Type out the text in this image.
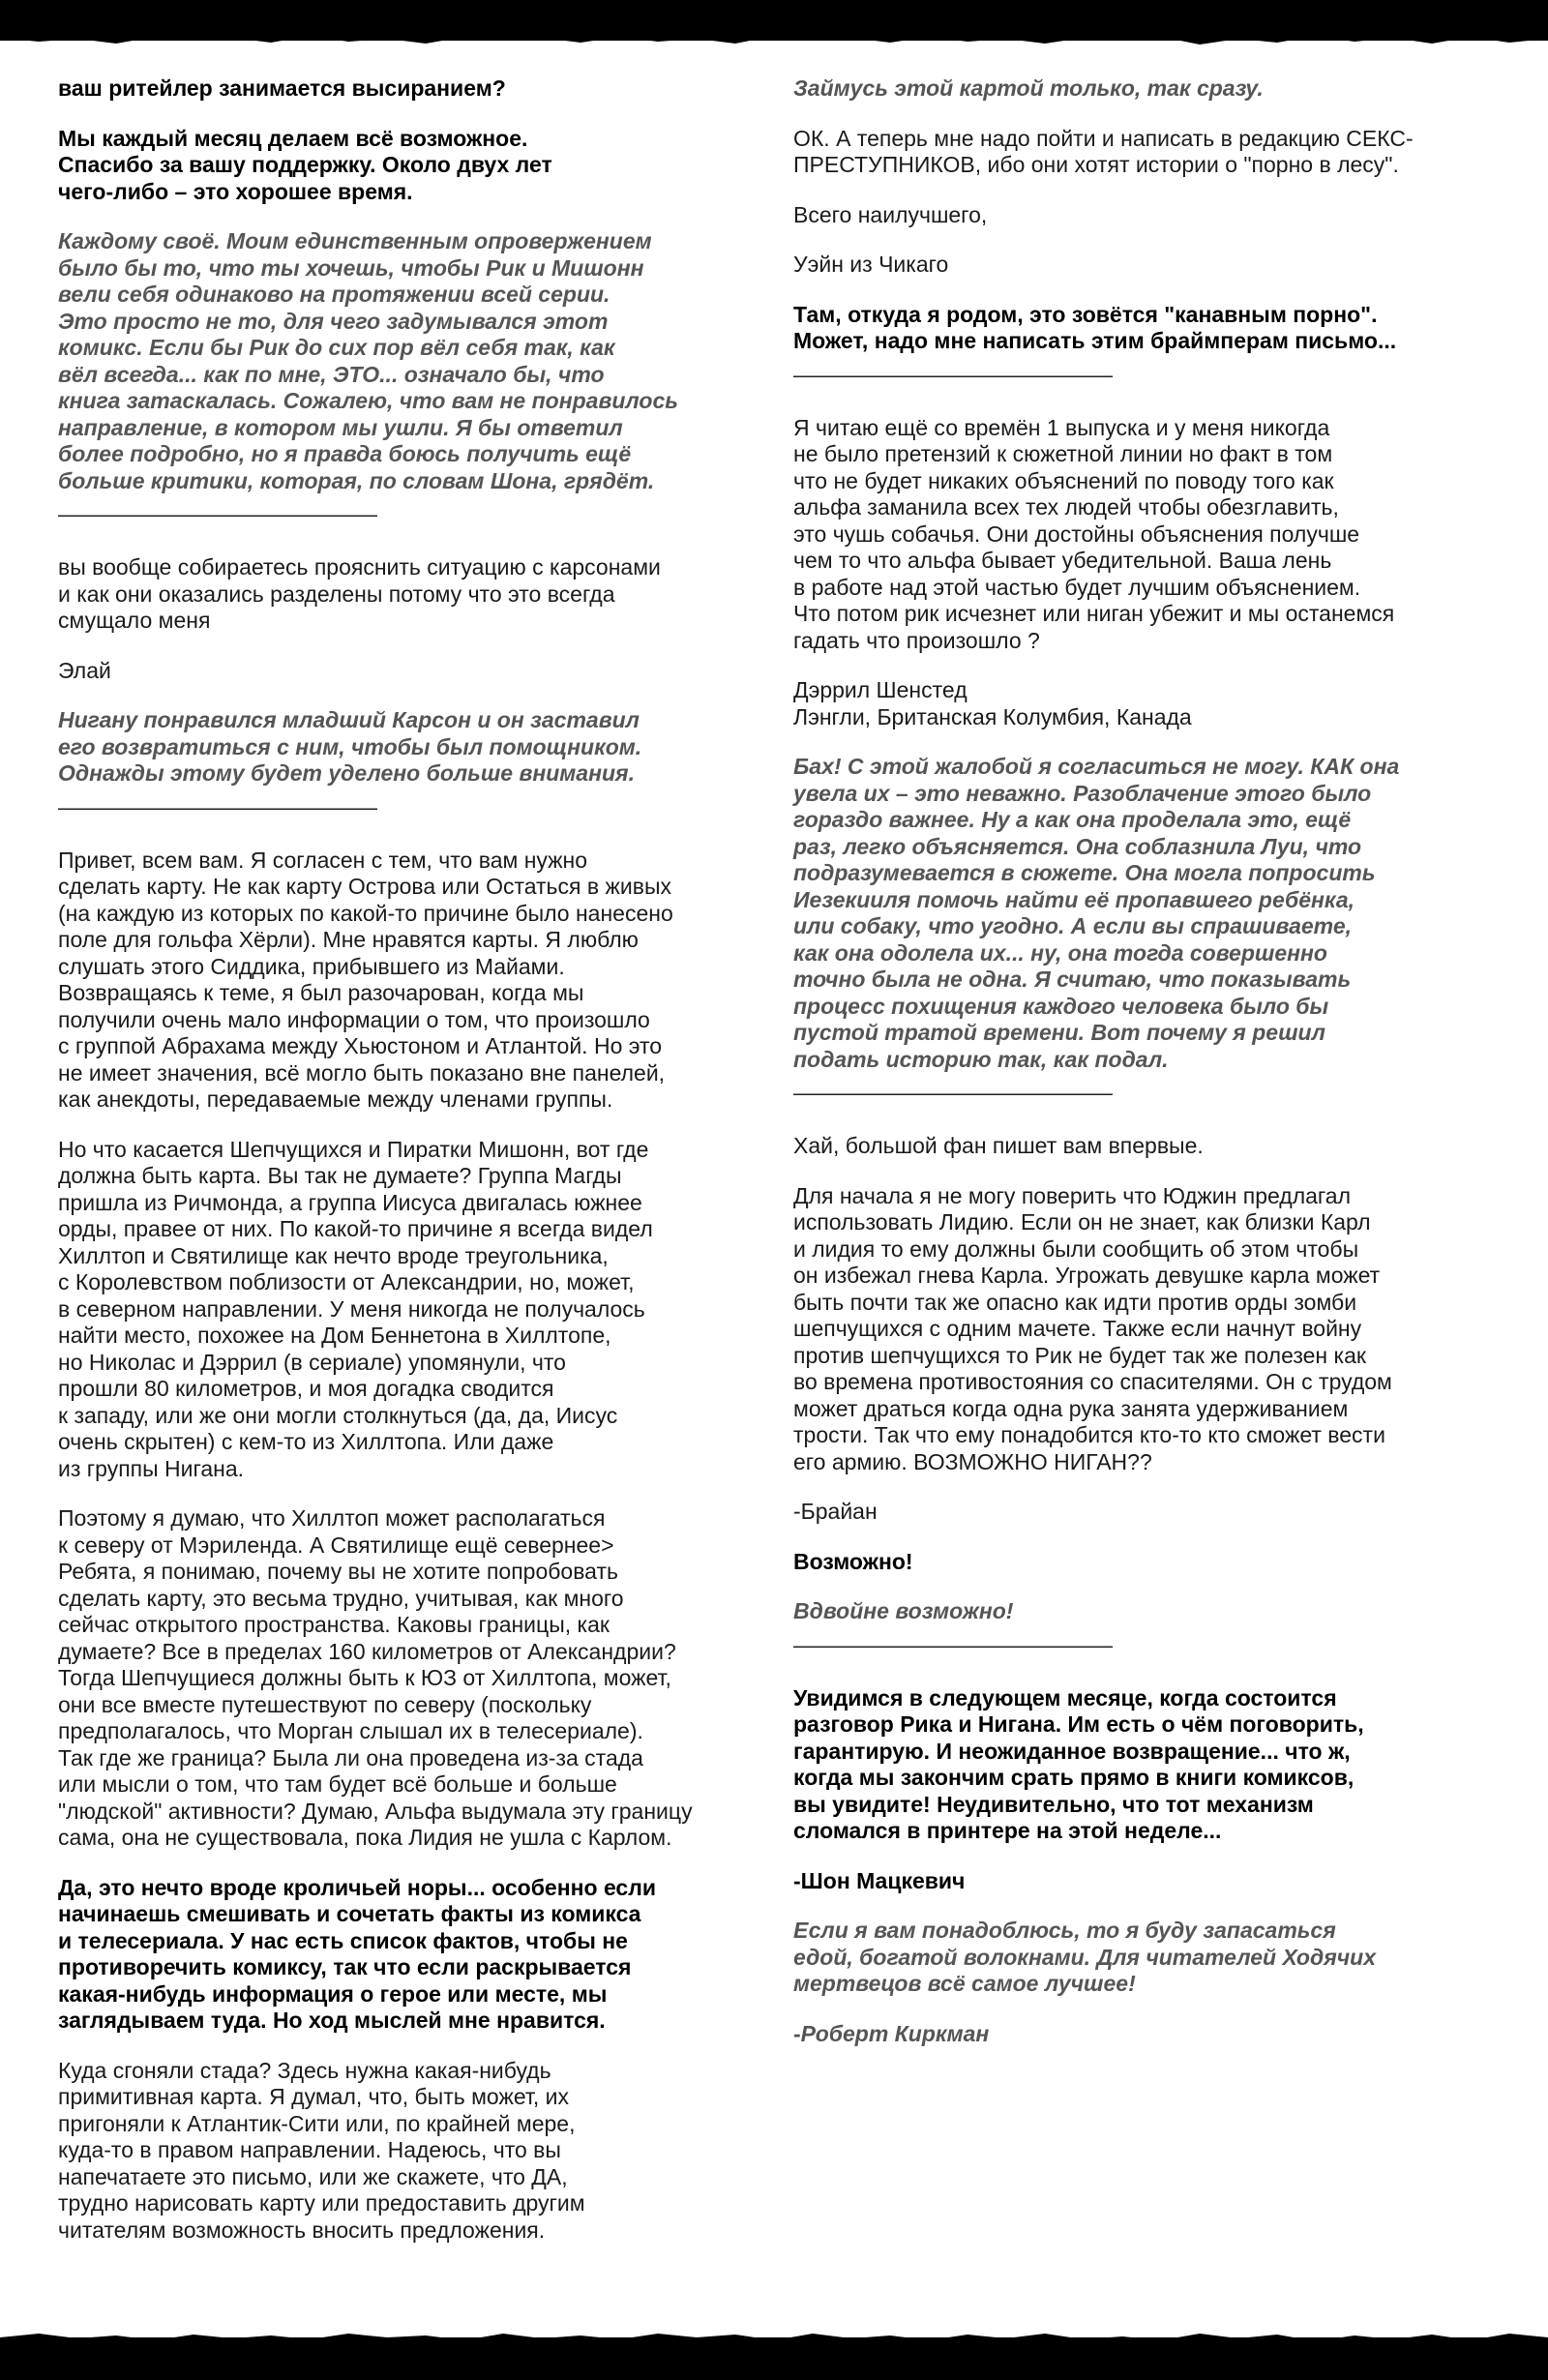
ваш ритейлер занимается высиранием?
Мы каждый месяц делаем всё возможное.
Спасибо за вашу поддержку. Около двух лет
чего-либо – это хорошее время.
Каждому своё. Моим единственным опровержением
было бы то, что ты хочешь, чтобы Рик и Мишонн
вели себя одинаково на протяжении всей серии.
Это просто не то, для чего задумывался этот
комикс. Если бы Рик до сих пор вёл себя так, как
вёл всегда... как по мне, ЭТО... означало бы, что
книга затаскалась. Сожалею, что вам не понравилось
направление, в котором мы ушли. Я бы ответил
более подробно, но я правда боюсь получить ещё
больше критики, которая, по словам Шона, грядёт.
———————————————
вы вообще собираетесь прояснить ситуацию с карсонами
и как они оказались разделены потому что это всегда
смущало меня
Элай
Нигану понравился младший Карсон и он заставил
его возвратиться с ним, чтобы был помощником.
Однажды этому будет уделено больше внимания.
———————————————
Привет, всем вам. Я согласен с тем, что вам нужно
сделать карту. Не как карту Острова или Остаться в живых
(на каждую из которых по какой-то причине было нанесено
поле для гольфа Хёрли). Мне нравятся карты. Я люблю
слушать этого Сиддика, прибывшего из Майами.
Возвращаясь к теме, я был разочарован, когда мы
получили очень мало информации о том, что произошло
с группой Абрахама между Хьюстоном и Атлантой. Но это
не имеет значения, всё могло быть показано вне панелей,
как анекдоты, передаваемые между членами группы.
Но что касается Шепчущихся и Пиратки Мишонн, вот где
должна быть карта. Вы так не думаете? Группа Магды
пришла из Ричмонда, а группа Иисуса двигалась южнее
орды, правее от них. По какой-то причине я всегда видел
Хиллтоп и Святилище как нечто вроде треугольника,
с Королевством поблизости от Александрии, но, может,
в северном направлении. У меня никогда не получалось
найти место, похожее на Дом Беннетона в Хиллтопе,
но Николас и Дэррил (в сериале) упомянули, что
прошли 80 километров, и моя догадка сводится
к западу, или же они могли столкнуться (да, да, Иисус
очень скрытен) с кем-то из Хиллтопа. Или даже
из группы Нигана.
Поэтому я думаю, что Хиллтоп может располагаться
к северу от Мэриленда. А Святилище ещё севернее>
Ребята, я понимаю, почему вы не хотите попробовать
сделать карту, это весьма трудно, учитывая, как много
сейчас открытого пространства. Каковы границы, как
думаете? Все в пределах 160 километров от Александрии?
Тогда Шепчущиеся должны быть к ЮЗ от Хиллтопа, может,
они все вместе путешествуют по северу (поскольку
предполагалось, что Морган слышал их в телесериале).
Так где же граница? Была ли она проведена из-за стада
или мысли о том, что там будет всё больше и больше
"людской" активности? Думаю, Альфа выдумала эту границу
сама, она не существовала, пока Лидия не ушла с Карлом.
Да, это нечто вроде кроличьей норы... особенно если
начинаешь смешивать и сочетать факты из комикса
и телесериала. У нас есть список фактов, чтобы не
противоречить комиксу, так что если раскрывается
какая-нибудь информация о герое или месте, мы
заглядываем туда. Но ход мыслей мне нравится.
Куда сгоняли стада? Здесь нужна какая-нибудь
примитивная карта. Я думал, что, быть может, их
пригоняли к Атлантик-Сити или, по крайней мере,
куда-то в правом направлении. Надеюсь, что вы
напечатаете это письмо, или же скажете, что ДА,
трудно нарисовать карту или предоставить другим
читателям возможность вносить предложения.
Займусь этой картой только, так сразу.
ОК. А теперь мне надо пойти и написать в редакцию СЕКС-
ПРЕСТУПНИКОВ, ибо они хотят истории о "порно в лесу".
Всего наилучшего,
Уэйн из Чикаго
Там, откуда я родом, это зовётся "канавным порно".
Может, надо мне написать этим браймперам письмо...
———————————————
Я читаю ещё со времён 1 выпуска и у меня никогда
не было претензий к сюжетной линии но факт в том
что не будет никаких объяснений по поводу того как
альфа заманила всех тех людей чтобы обезглавить,
это чушь собачья. Они достойны объяснения получше
чем то что альфа бывает убедительной. Ваша лень
в работе над этой частью будет лучшим объяснением.
Что потом рик исчезнет или ниган убежит и мы останемся
гадать что произошло ?
Дэррил Шенстед
Лэнгли, Британская Колумбия, Канада
Бах! С этой жалобой я согласиться не могу. КАК она
увела их – это неважно. Разоблачение этого было
гораздо важнее. Ну а как она проделала это, ещё
раз, легко объясняется. Она соблазнила Луи, что
подразумевается в сюжете. Она могла попросить
Иезекииля помочь найти её пропавшего ребёнка,
или собаку, что угодно. А если вы спрашиваете,
как она одолела их... ну, она тогда совершенно
точно была не одна. Я считаю, что показывать
процесс похищения каждого человека было бы
пустой тратой времени. Вот почему я решил
подать историю так, как подал.
———————————————
Хай, большой фан пишет вам впервые.
Для начала я не могу поверить что Юджин предлагал
использовать Лидию. Если он не знает, как близки Карл
и лидия то ему должны были сообщить об этом чтобы
он избежал гнева Карла. Угрожать девушке карла может
быть почти так же опасно как идти против орды зомби
шепчущихся с одним мачете. Также если начнут войну
против шепчущихся то Рик не будет так же полезен как
во времена противостояния со спасителями. Он с трудом
может драться когда одна рука занята удерживанием
трости. Так что ему понадобится кто-то кто сможет вести
его армию. ВОЗМОЖНО НИГАН??
-Брайан
Возможно!
Вдвойне возможно!
———————————————
Увидимся в следующем месяце, когда состоится
разговор Рика и Нигана. Им есть о чём поговорить,
гарантирую. И неожиданное возвращение... что ж,
когда мы закончим срать прямо в книги комиксов,
вы увидите! Неудивительно, что тот механизм
сломался в принтере на этой неделе...
-Шон Мацкевич
Если я вам понадоблюсь, то я буду запасаться
едой, богатой волокнами. Для читателей Ходячих
мертвецов всё самое лучшее!
-Роберт Киркман
